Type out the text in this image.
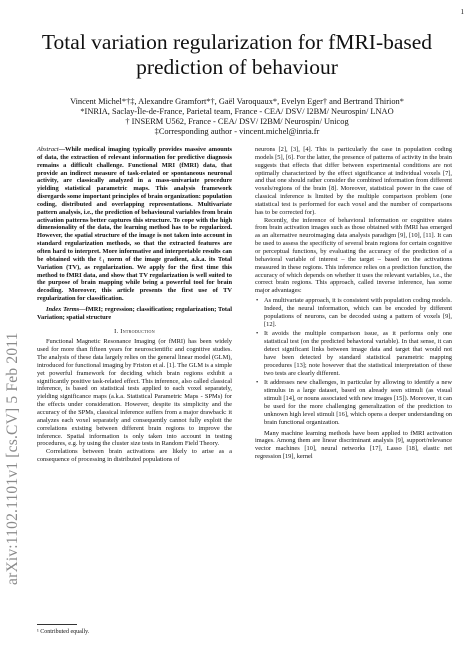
1
arXiv:1102.1101v1 [cs.CV] 5 Feb 2011
Total variation regularization for fMRI-based
prediction of behaviour
Vincent Michel*†‡, Alexandre Gramfort*†, Gaël Varoquaux*, Evelyn Eger† and Bertrand Thirion*
*INRIA, Saclay-Île-de-France, Parietal team, France - CEA/ DSV/ I2BM/ Neurospin/ LNAO
† INSERM U562, France - CEA/ DSV/ I2BM/ Neurospin/ Unicog
‡Corresponding author - vincent.michel@inria.fr

Abstract—While medical imaging typically provides massive amounts of data, the extraction of relevant information for predictive diagnosis remains a difficult challenge. Functional MRI (fMRI) data, that provide an indirect measure of task-related or spontaneous neuronal activity, are classically analyzed in a mass-univariate procedure yielding statistical parametric maps. This analysis framework disregards some important principles of brain organization: population coding, distributed and overlapping representations. Multivariate pattern analysis, i.e., the prediction of behavioural variables from brain activation patterns better captures this structure. To cope with the high dimensionality of the data, the learning method has to be regularized. However, the spatial structure of the image is not taken into account in standard regularization methods, so that the extracted features are often hard to interpret. More informative and interpretable results can be obtained with the ℓ₁ norm of the image gradient, a.k.a. its Total Variation (TV), as regularization. We apply for the first time this method to fMRI data, and show that TV regularization is well suited to the purpose of brain mapping while being a powerful tool for brain decoding. Moreover, this article presents the first use of TV regularization for classification.

Index Terms—fMRI; regression; classification; regularization; Total Variation; spatial structure

I. Introduction

Functional Magnetic Resonance Imaging (or fMRI) has been widely used for more than fifteen years for neuroscientific and cognitive studies. The analysis of these data largely relies on the general linear model (GLM), introduced for functional imaging by Friston et al. [1]. The GLM is a simple yet powerful framework for deciding which brain regions exhibit a significantly positive task-related effect. This inference, also called classical inference, is based on statistical tests applied to each voxel separately, yielding significance maps (a.k.a. Statistical Parametric Maps - SPMs) for the effects under consideration. However, despite its simplicity and the accuracy of the SPMs, classical inference suffers from a major drawback: it analyzes each voxel separately and consequently cannot fully exploit the correlations existing between different brain regions to improve the inference. Spatial information is only taken into account in testing procedures, e.g. by using the cluster size tests in Random Field Theory.

Correlations between brain activations are likely to arise as a consequence of processing in distributed populations of

¹ Contributed equally.

neurons [2], [3], [4]. This is particularly the case in population coding models [5], [6]. For the latter, the presence of patterns of activity in the brain suggests that effects that differ between experimental conditions are not optimally characterized by the effect significance at individual voxels [7], and that one should rather consider the combined information from different voxels/regions of the brain [8]. Moreover, statistical power in the case of classical inference is limited by the multiple comparison problem (one statistical test is performed for each voxel and the number of comparisons has to be corrected for).

Recently, the inference of behavioral information or cognitive states from brain activation images such as those obtained with fMRI has emerged as an alternative neuroimaging data analysis paradigm [9], [10], [11]. It can be used to assess the specificity of several brain regions for certain cognitive or perceptual functions, by evaluating the accuracy of the prediction of a behavioral variable of interest – the target – based on the activations measured in these regions. This inference relies on a prediction function, the accuracy of which depends on whether it uses the relevant variables, i.e., the correct brain regions. This approach, called inverse inference, has some major advantages:

• As multivariate approach, it is consistent with population coding models. Indeed, the neural information, which can be encoded by different populations of neurons, can be decoded using a pattern of voxels [9], [12].
• It avoids the multiple comparison issue, as it performs only one statistical test (on the predicted behavioral variable). In that sense, it can detect significant links between image data and target that would not have been detected by standard statistical parametric mapping procedures [13]; note however that the statistical interpretation of these two tests are clearly different.
• It addresses new challenges, in particular by allowing to identify a new stimulus in a large dataset, based on already seen stimuli (as visual stimuli [14], or nouns associated with new images [15]). Moreover, it can be used for the more challenging generalization of the prediction to unknown high level stimuli [16], which opens a deeper understanding on brain functional organization.

Many machine learning methods have been applied to fMRI activation images. Among them are linear discriminant analysis [9], support/relevance vector machines [10], neural networks [17], Lasso [18], elastic net regression [19], kernel
